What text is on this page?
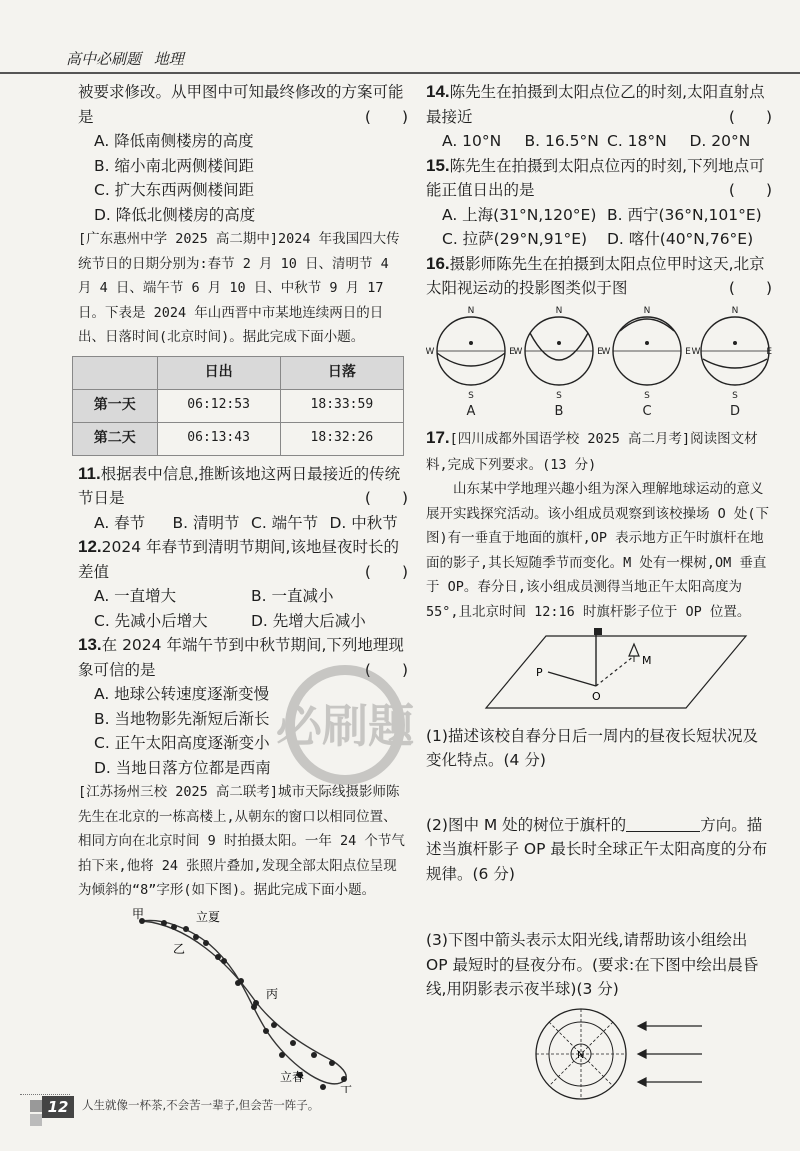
高中必刷题 地理

被要求修改。从甲图中可知最终修改的方案可能是	(　　)

A. 降低南侧楼房的高度

B. 缩小南北两侧楼间距

C. 扩大东西两侧楼间距

D. 降低北侧楼房的高度

[广东惠州中学 2025 高二期中]2024 年我国四大传统节日的日期分别为:春节 2 月 10 日、清明节 4 月 4 日、端午节 6 月 10 日、中秋节 9 月 17 日。下表是 2024 年山西晋中市某地连续两日的日出、日落时间(北京时间)。据此完成下面小题。

	日出	日落
第一天	06:12:53	18:33:59
第二天	06:13:43	18:32:26

11.根据表中信息,推断该地这两日最接近的传统节日是	(　　)

A. 春节	B. 清明节 C. 端午节 D. 中秋节

12.2024 年春节到清明节期间,该地昼夜时长的差值	(　　)

A. 一直增大	B. 一直减小
C. 先减小后增大	D. 先增大后减小

13.在 2024 年端午节到中秋节期间,下列地理现象可信的是	(　　)

A. 地球公转速度逐渐变慢

B. 当地物影先渐短后渐长

C. 正午太阳高度逐渐变小

D. 当地日落方位都是西南

[江苏扬州三校 2025 高二联考]城市天际线摄影师陈先生在北京的一栋高楼上,从朝东的窗口以相同位置、相同方向在北京时间 9 时拍摄太阳。一年 24 个节气拍下来,他将 24 张照片叠加,发现全部太阳点位呈现为倾斜的“8”字形(如下图)。据此完成下面小题。

甲	立夏
乙
丙
立春
丁

14.陈先生在拍摄到太阳点位乙的时刻,太阳直射点最接近	(　　)

A. 10°N	B. 16.5°N C. 18°N	D. 20°N

15.陈先生在拍摄到太阳点位丙的时刻,下列地点可能正值日出的是	(　　)

A. 上海(31°N,120°E) B. 西宁(36°N,101°E)
C. 拉萨(29°N,91°E)	D. 喀什(40°N,76°E)

16.摄影师陈先生在拍摄到太阳点位甲时这天,北京太阳视运动的投影图类似于图	(　　)

N
S
W	E
A
N
S
W	E
B
N
S
W	E
C
N
S
W	E
D

17.[四川成都外国语学校 2025 高二月考]阅读图文材料,完成下列要求。(13 分)

山东某中学地理兴趣小组为深入理解地球运动的意义展开实践探究活动。该小组成员观察到该校操场 O 处(下图)有一垂直于地面的旗杆,OP 表示地方正午时旗杆在地面的影子,其长短随季节而变化。M 处有一棵树,OM 垂直于 OP。春分日,该小组成员测得当地正午太阳高度为 55°,且北京时间 12:16 时旗杆影子位于 OP 位置。

P
O
M

(1)描述该校自春分日后一周内的昼夜长短状况及变化特点。(4 分)

(2)图中 M 处的树位于旗杆的	方向。描述当旗杆影子 OP 最长时全球正午太阳高度的分布规律。(6 分)

(3)下图中箭头表示太阳光线,请帮助该小组绘出 OP 最短时的昼夜分布。(要求:在下图中绘出晨昏线,用阴影表示夜半球)(3 分)

N
必刷题
12	人生就像一杯茶,不会苦一辈子,但会苦一阵子。
